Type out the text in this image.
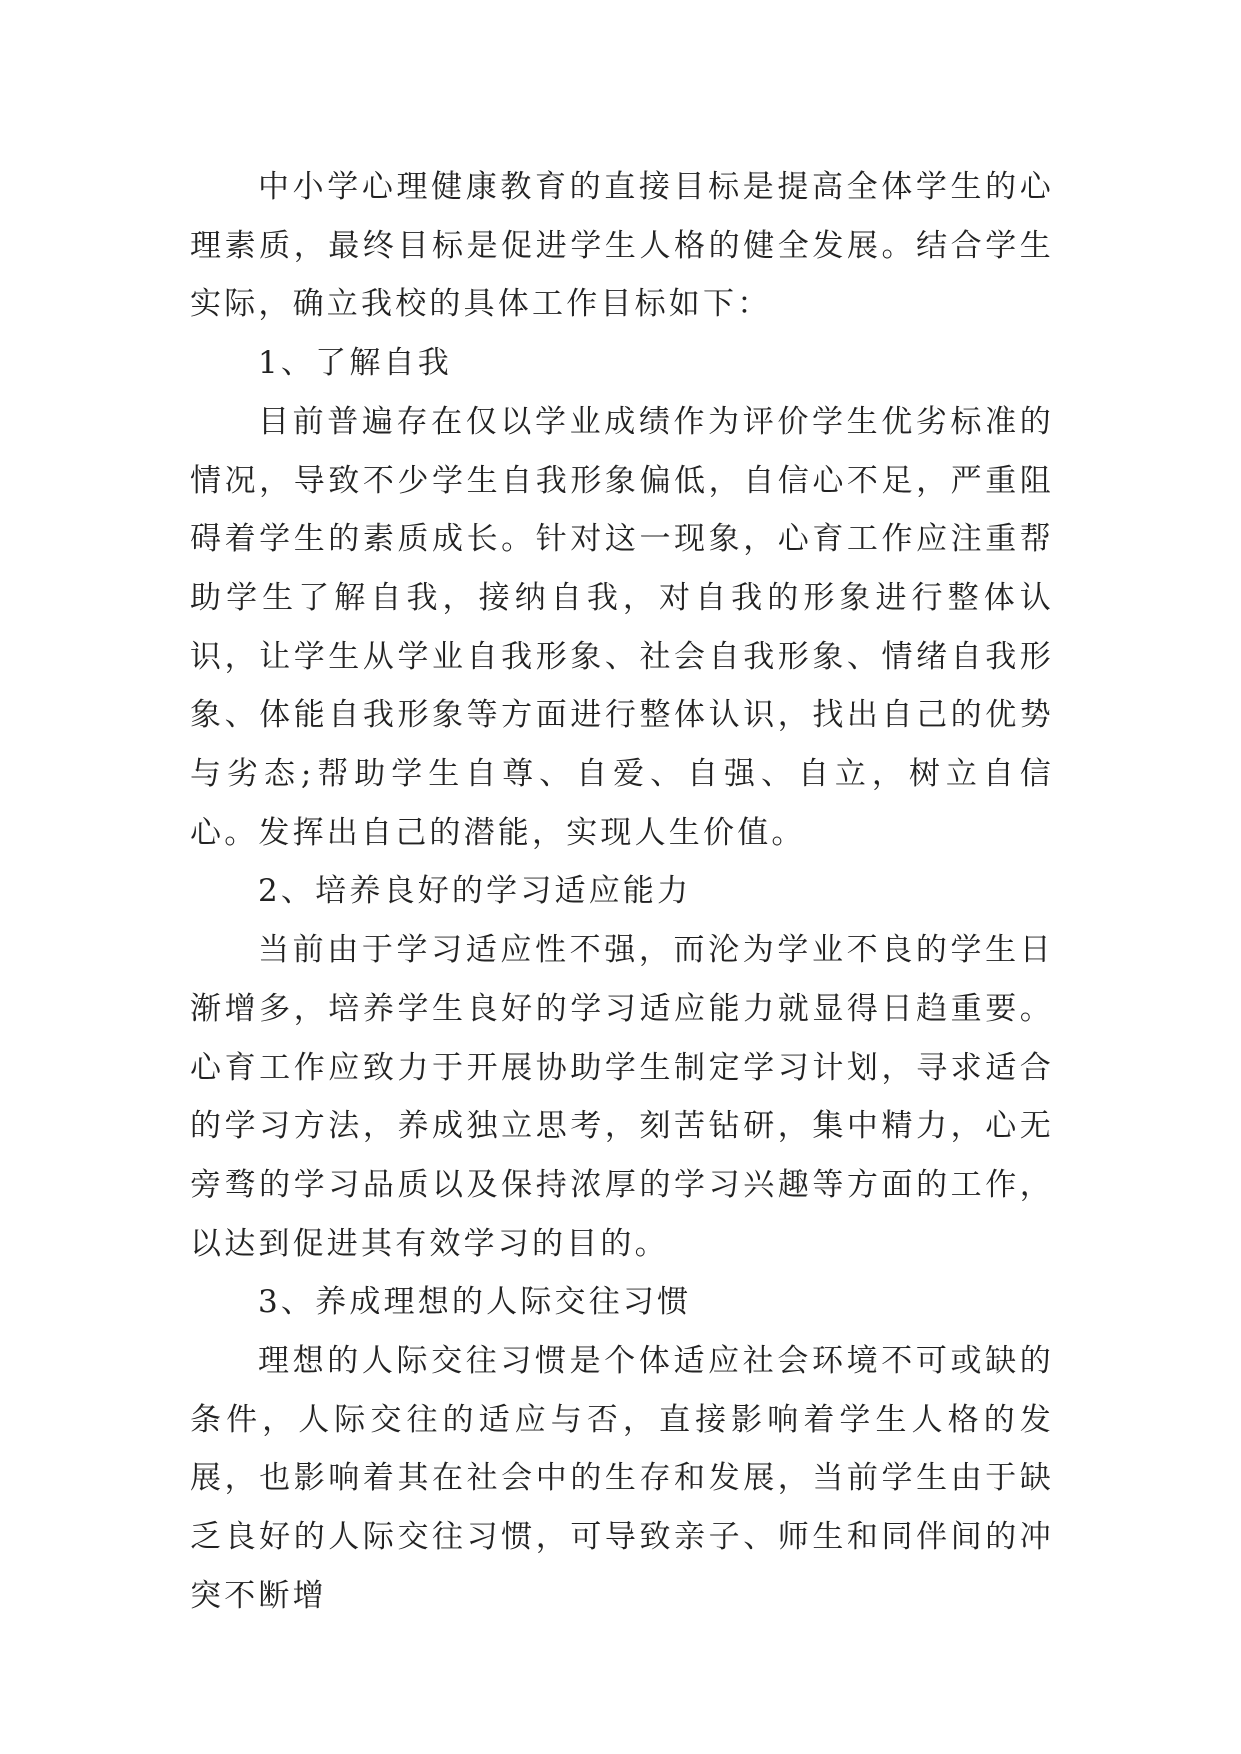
中小学心理健康教育的直接目标是提高全体学生的心理素质，最终目标是促进学生人格的健全发展。结合学生实际，确立我校的具体工作目标如下：

1、了解自我

目前普遍存在仅以学业成绩作为评价学生优劣标准的情况，导致不少学生自我形象偏低，自信心不足，严重阻碍着学生的素质成长。针对这一现象，心育工作应注重帮助学生了解自我，接纳自我，对自我的形象进行整体认识，让学生从学业自我形象、社会自我形象、情绪自我形象、体能自我形象等方面进行整体认识，找出自己的优势与劣态;帮助学生自尊、自爱、自强、自立，树立自信心。发挥出自己的潜能，实现人生价值。

2、培养良好的学习适应能力

当前由于学习适应性不强，而沦为学业不良的学生日渐增多，培养学生良好的学习适应能力就显得日趋重要。心育工作应致力于开展协助学生制定学习计划，寻求适合的学习方法，养成独立思考，刻苦钻研，集中精力，心无旁骛的学习品质以及保持浓厚的学习兴趣等方面的工作，以达到促进其有效学习的目的。

3、养成理想的人际交往习惯

理想的人际交往习惯是个体适应社会环境不可或缺的条件，人际交往的适应与否，直接影响着学生人格的发展，也影响着其在社会中的生存和发展，当前学生由于缺乏良好的人际交往习惯，可导致亲子、师生和同伴间的冲突不断增
